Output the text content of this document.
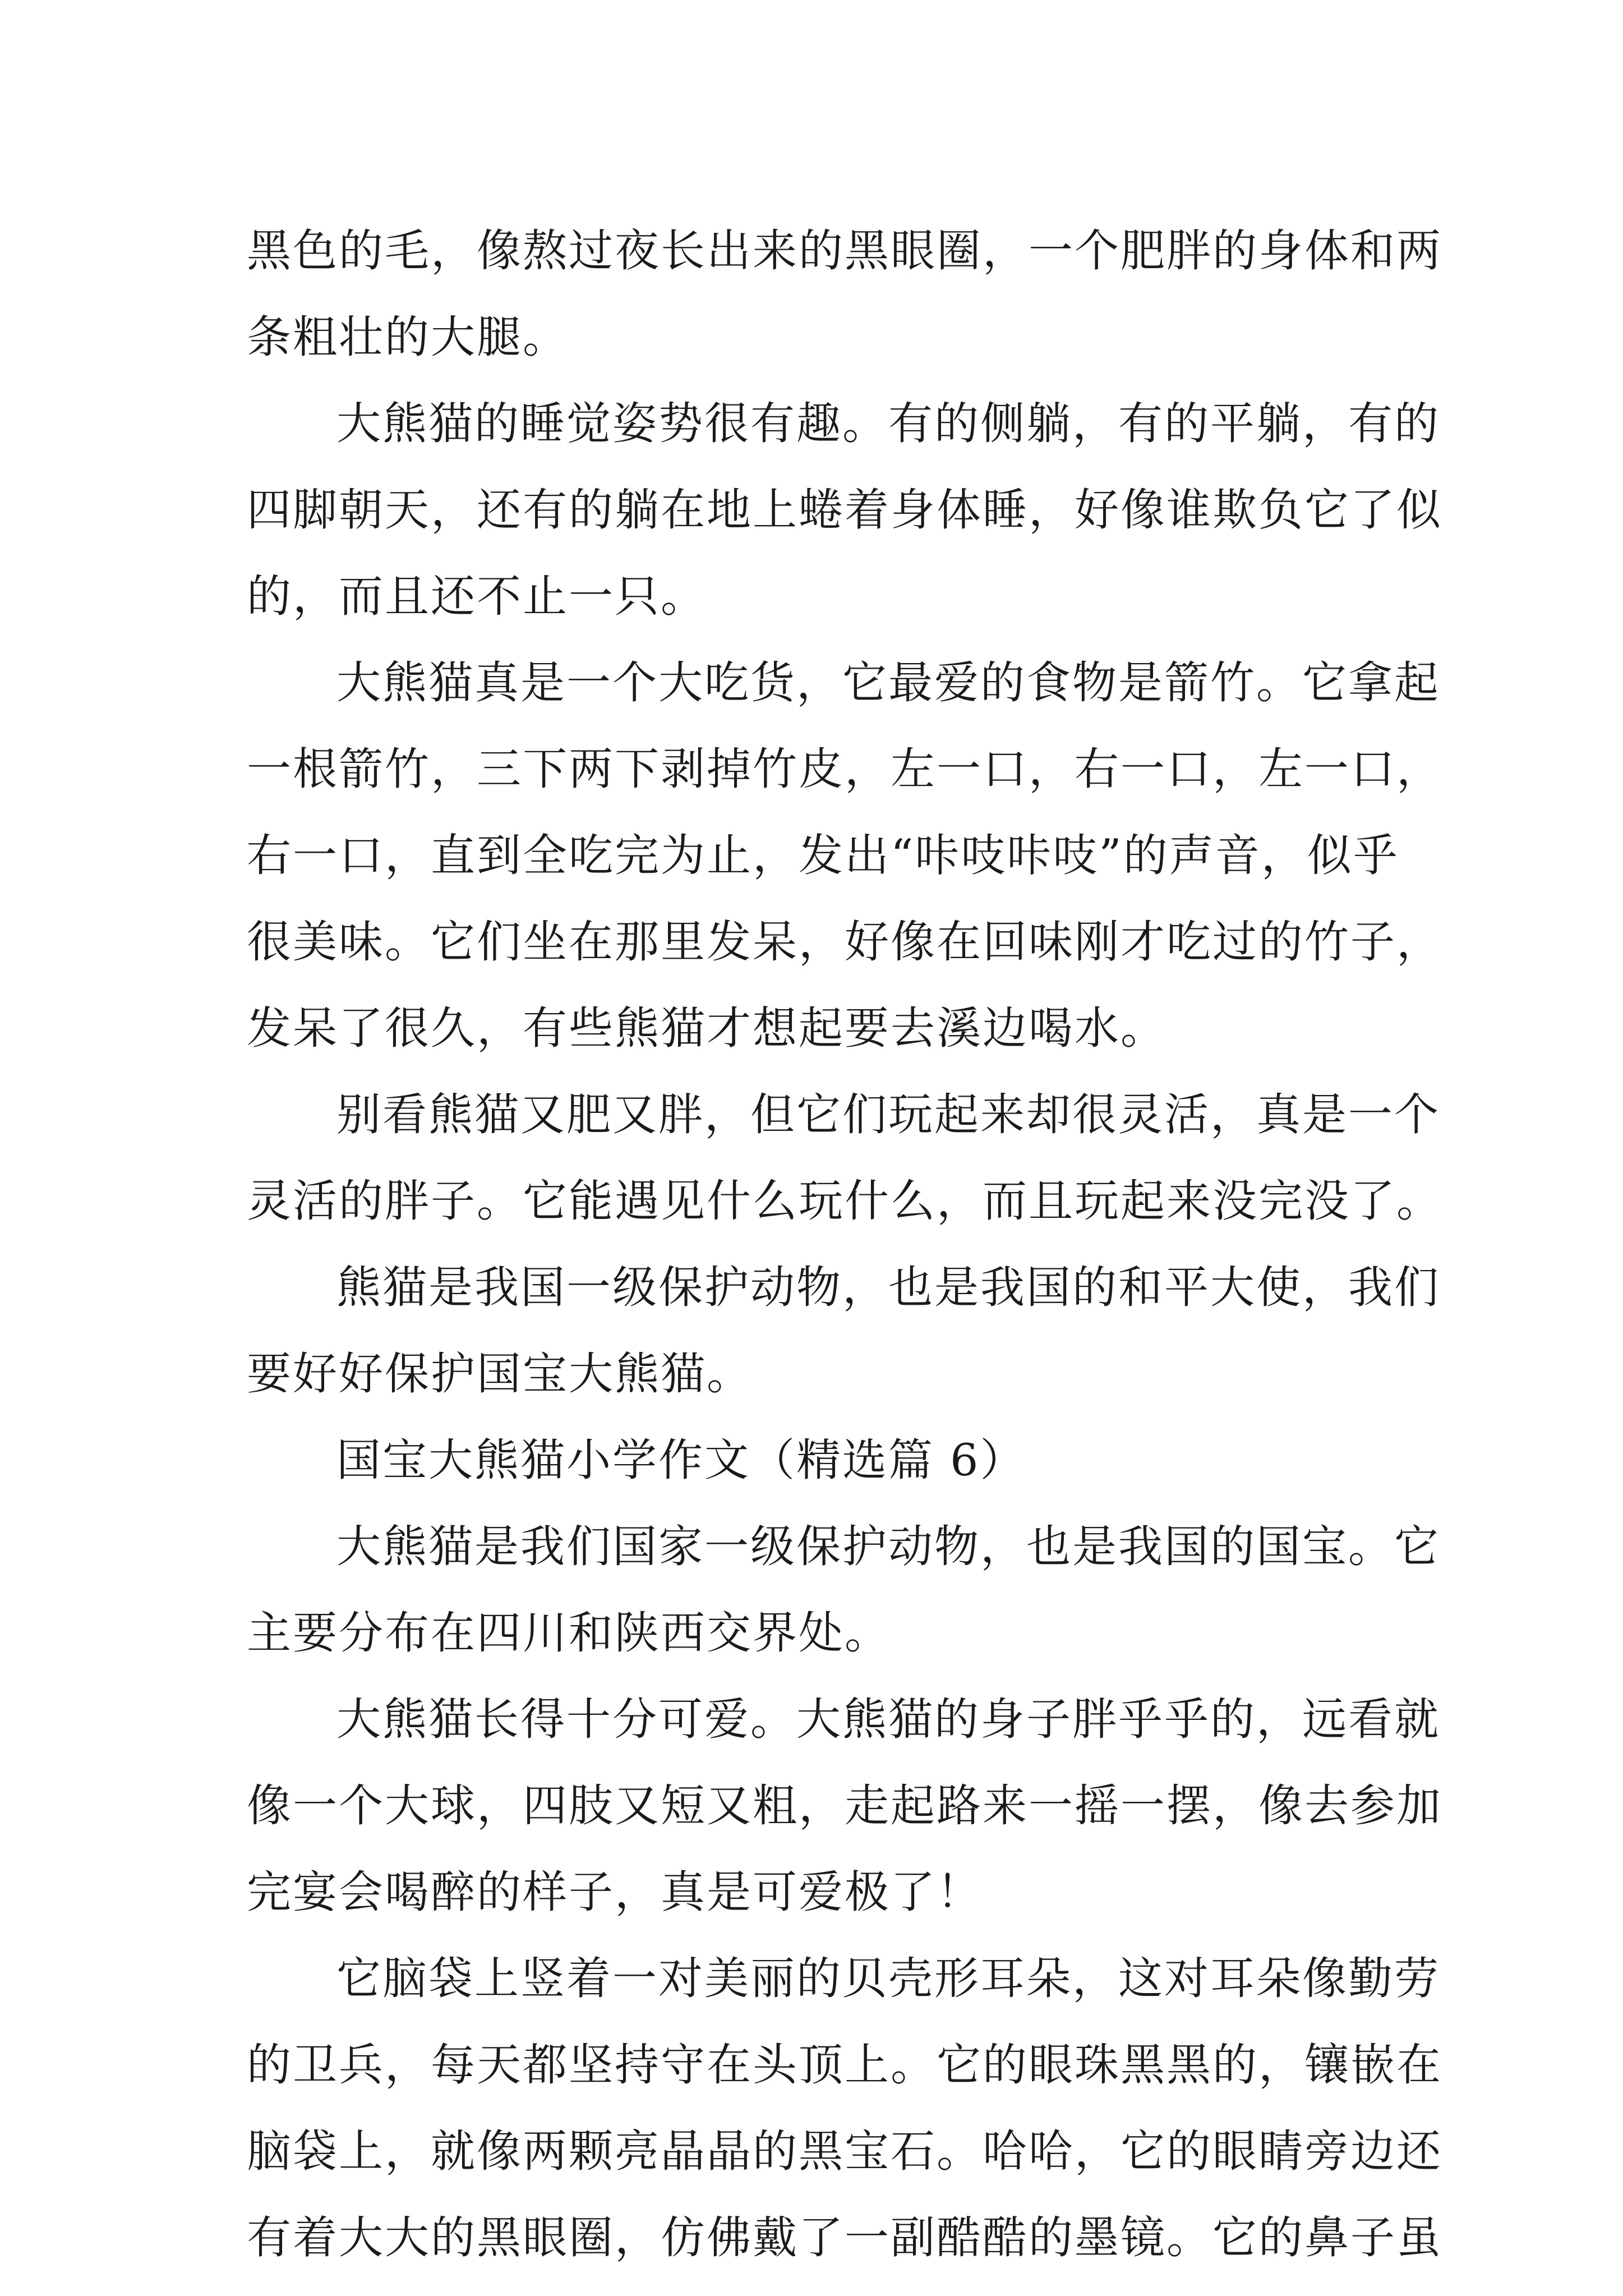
黑色的毛，像熬过夜长出来的黑眼圈，一个肥胖的身体和两
条粗壮的大腿。
大熊猫的睡觉姿势很有趣。有的侧躺，有的平躺，有的
四脚朝天，还有的躺在地上蜷着身体睡，好像谁欺负它了似
的，而且还不止一只。
大熊猫真是一个大吃货，它最爱的食物是箭竹。它拿起
一根箭竹，三下两下剥掉竹皮，左一口，右一口，左一口，
右一口，直到全吃完为止，发出“咔吱咔吱”的声音，似乎
很美味。它们坐在那里发呆，好像在回味刚才吃过的竹子，
发呆了很久，有些熊猫才想起要去溪边喝水。
别看熊猫又肥又胖，但它们玩起来却很灵活，真是一个
灵活的胖子。它能遇见什么玩什么，而且玩起来没完没了。
熊猫是我国一级保护动物，也是我国的和平大使，我们
要好好保护国宝大熊猫。
国宝大熊猫小学作文（精选篇 6）
大熊猫是我们国家一级保护动物，也是我国的国宝。它
主要分布在四川和陕西交界处。
大熊猫长得十分可爱。大熊猫的身子胖乎乎的，远看就
像一个大球，四肢又短又粗，走起路来一摇一摆，像去参加
完宴会喝醉的样子，真是可爱极了！
它脑袋上竖着一对美丽的贝壳形耳朵，这对耳朵像勤劳
的卫兵，每天都坚持守在头顶上。它的眼珠黑黑的，镶嵌在
脑袋上，就像两颗亮晶晶的黑宝石。哈哈，它的眼睛旁边还
有着大大的黑眼圈，仿佛戴了一副酷酷的墨镜。它的鼻子虽
